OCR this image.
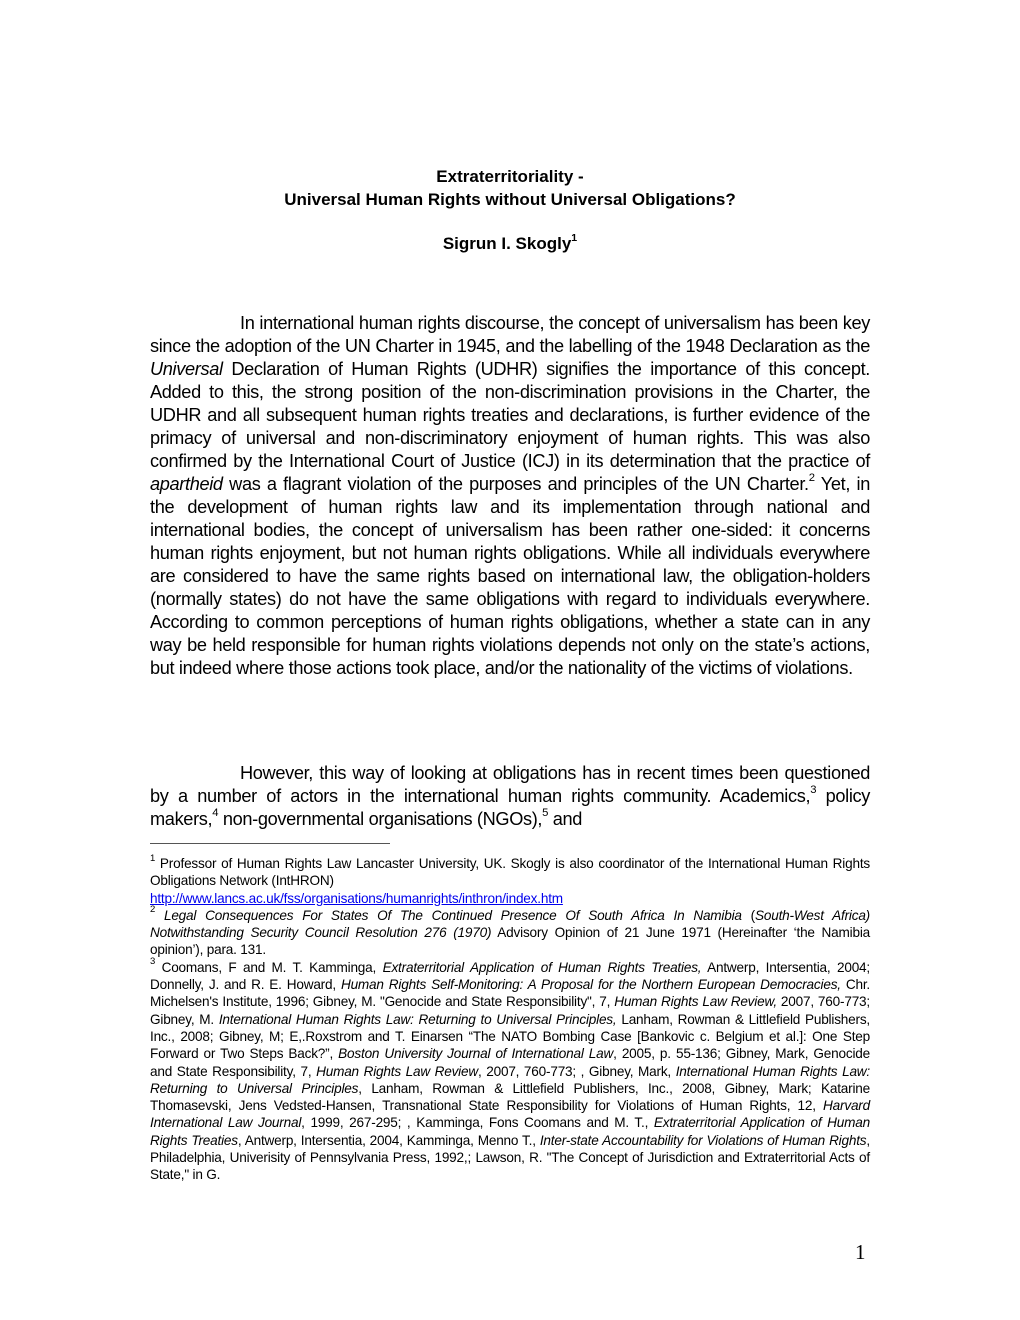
Extraterritoriality -
Universal Human Rights without Universal Obligations?
Sigrun I. Skogly$^1$

In international human rights discourse, the concept of universalism has been key since the adoption of the UN Charter in 1945, and the labelling of the 1948 Declaration as the Universal Declaration of Human Rights (UDHR) signifies the importance of this concept. Added to this, the strong position of the non-discrimination provisions in the Charter, the UDHR and all subsequent human rights treaties and declarations, is further evidence of the primacy of universal and non-discriminatory enjoyment of human rights. This was also confirmed by the International Court of Justice (ICJ) in its determination that the practice of apartheid was a flagrant violation of the purposes and principles of the UN Charter.$^2$ Yet, in the development of human rights law and its implementation through national and international bodies, the concept of universalism has been rather one-sided: it concerns human rights enjoyment, but not human rights obligations. While all individuals everywhere are considered to have the same rights based on international law, the obligation-holders (normally states) do not have the same obligations with regard to individuals everywhere. According to common perceptions of human rights obligations, whether a state can in any way be held responsible for human rights violations depends not only on the state’s actions, but indeed where those actions took place, and/or the nationality of the victims of violations.

However, this way of looking at obligations has in recent times been questioned by a number of actors in the international human rights community. Academics,$^3$ policy makers,$^4$ non-governmental organisations (NGOs),$^5$ and

$^1$ Professor of Human Rights Law Lancaster University, UK. Skogly is also coordinator of the International Human Rights Obligations Network (IntHRON)
http://www.lancs.ac.uk/fss/organisations/humanrights/inthron/index.htm

$^2$ Legal Consequences For States Of The Continued Presence Of South Africa In Namibia (South-West Africa) Notwithstanding Security Council Resolution 276 (1970) Advisory Opinion of 21 June 1971 (Hereinafter ‘the Namibia opinion’), para. 131.

$^3$ Coomans, F and M. T. Kamminga, Extraterritorial Application of Human Rights Treaties, Antwerp, Intersentia, 2004; Donnelly, J. and R. E. Howard, Human Rights Self-Monitoring: A Proposal for the Northern European Democracies, Chr. Michelsen's Institute, 1996; Gibney, M. "Genocide and State Responsibility", 7, Human Rights Law Review, 2007, 760-773; Gibney, M. International Human Rights Law: Returning to Universal Principles, Lanham, Rowman & Littlefield Publishers, Inc., 2008; Gibney, M; E,.Roxstrom and T. Einarsen “The NATO Bombing Case [Bankovic c. Belgium et al.]: One Step Forward or Two Steps Back?”, Boston University Journal of International Law, 2005, p. 55-136; Gibney, Mark, Genocide and State Responsibility, 7, Human Rights Law Review, 2007, 760-773; , Gibney, Mark, International Human Rights Law: Returning to Universal Principles, Lanham, Rowman & Littlefield Publishers, Inc., 2008, Gibney, Mark; Katarine Thomasevski, Jens Vedsted-Hansen, Transnational State Responsibility for Violations of Human Rights, 12, Harvard International Law Journal, 1999, 267-295; , Kamminga, Fons Coomans and M. T., Extraterritorial Application of Human Rights Treaties, Antwerp, Intersentia, 2004, Kamminga, Menno T., Inter-state Accountability for Violations of Human Rights, Philadelphia, Univerisity of Pennsylvania Press, 1992,; Lawson, R. "The Concept of Jurisdiction and Extraterritorial Acts of State," in G.

1
